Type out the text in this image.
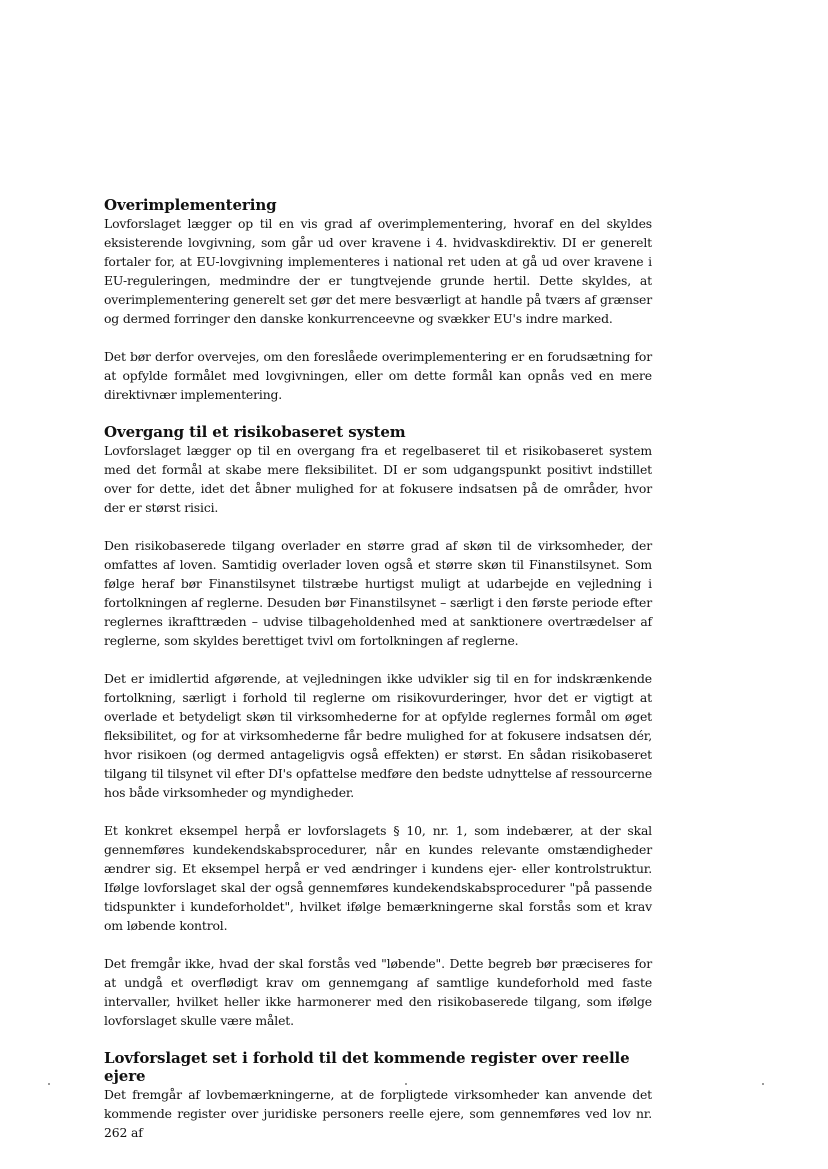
Overimplementering

Lovforslaget lægger op til en vis grad af overimplementering, hvoraf en del skyldes eksisterende lovgivning, som går ud over kravene i 4. hvidvaskdirektiv. DI er generelt fortaler for, at EU-lovgivning implementeres i national ret uden at gå ud over kravene i EU-reguleringen, medmindre der er tungtvejende grunde hertil. Dette skyldes, at overimplementering generelt set gør det mere besværligt at handle på tværs af grænser og dermed forringer den danske konkurrenceevne og svækker EU's indre marked.

Det bør derfor overvejes, om den foreslåede overimplementering er en forudsætning for at opfylde formålet med lovgivningen, eller om dette formål kan opnås ved en mere direktivnær implementering.

Overgang til et risikobaseret system

Lovforslaget lægger op til en overgang fra et regelbaseret til et risikobaseret system med det formål at skabe mere fleksibilitet. DI er som udgangspunkt positivt indstillet over for dette, idet det åbner mulighed for at fokusere indsatsen på de områder, hvor der er størst risici.

Den risikobaserede tilgang overlader en større grad af skøn til de virksomheder, der omfattes af loven. Samtidig overlader loven også et større skøn til Finanstilsynet. Som følge heraf bør Finanstilsynet tilstræbe hurtigst muligt at udarbejde en vejledning i fortolkningen af reglerne. Desuden bør Finanstilsynet – særligt i den første periode efter reglernes ikrafttræden – udvise tilbageholdenhed med at sanktionere overtrædelser af reglerne, som skyldes berettiget tvivl om fortolkningen af reglerne.

Det er imidlertid afgørende, at vejledningen ikke udvikler sig til en for indskrænkende fortolkning, særligt i forhold til reglerne om risikovurderinger, hvor det er vigtigt at overlade et betydeligt skøn til virksomhederne for at opfylde reglernes formål om øget fleksibilitet, og for at virksomhederne får bedre mulighed for at fokusere indsatsen dér, hvor risikoen (og dermed antageligvis også effekten) er størst. En sådan risikobaseret tilgang til tilsynet vil efter DI's opfattelse medføre den bedste udnyttelse af ressourcerne hos både virksomheder og myndigheder.

Et konkret eksempel herpå er lovforslagets § 10, nr. 1, som indebærer, at der skal gennemføres kundekendskabsprocedurer, når en kundes relevante omstændigheder ændrer sig. Et eksempel herpå er ved ændringer i kundens ejer- eller kontrolstruktur. Ifølge lovforslaget skal der også gennemføres kundekendskabsprocedurer "på passende tidspunkter i kundeforholdet", hvilket ifølge bemærkningerne skal forstås som et krav om løbende kontrol.

Det fremgår ikke, hvad der skal forstås ved "løbende". Dette begreb bør præciseres for at undgå et overflødigt krav om gennemgang af samtlige kundeforhold med faste intervaller, hvilket heller ikke harmonerer med den risikobaserede tilgang, som ifølge lovforslaget skulle være målet.

Lovforslaget set i forhold til det kommende register over reelle ejere

Det fremgår af lovbemærkningerne, at de forpligtede virksomheder kan anvende det kommende register over juridiske personers reelle ejere, som gennemføres ved lov nr. 262 af
